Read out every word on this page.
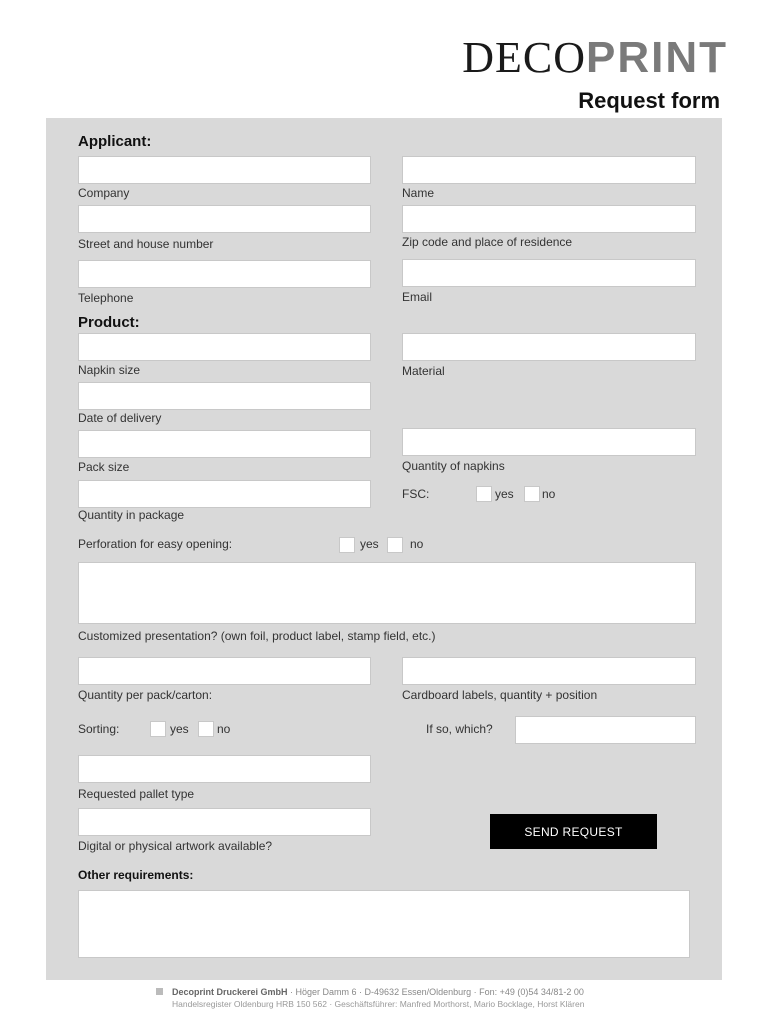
DECOPRINT
Request form
Applicant:
Company	Name
Street and house number	Zip code and place of residence
Telephone	Email
Product:
Napkin size	Material
Date of delivery
Pack size	Quantity of napkins
FSC:	yes no
Quantity in package
Perforation for easy opening:	yes	no
Customized presentation? (own foil, product label, stamp field, etc.)
Quantity per pack/carton:	Cardboard labels, quantity + position
Sorting:	yes no	If so, which?
Requested pallet type
Digital or physical artwork available?
SEND REQUEST
Other requirements:
Decoprint Druckerei GmbH · Höger Damm 6 · D-49632 Essen/Oldenburg · Fon: +49 (0)54 34/81-2 00
Handelsregister Oldenburg HRB 150 562 · Geschäftsführer: Manfred Morthorst, Mario Bocklage, Horst Klären
